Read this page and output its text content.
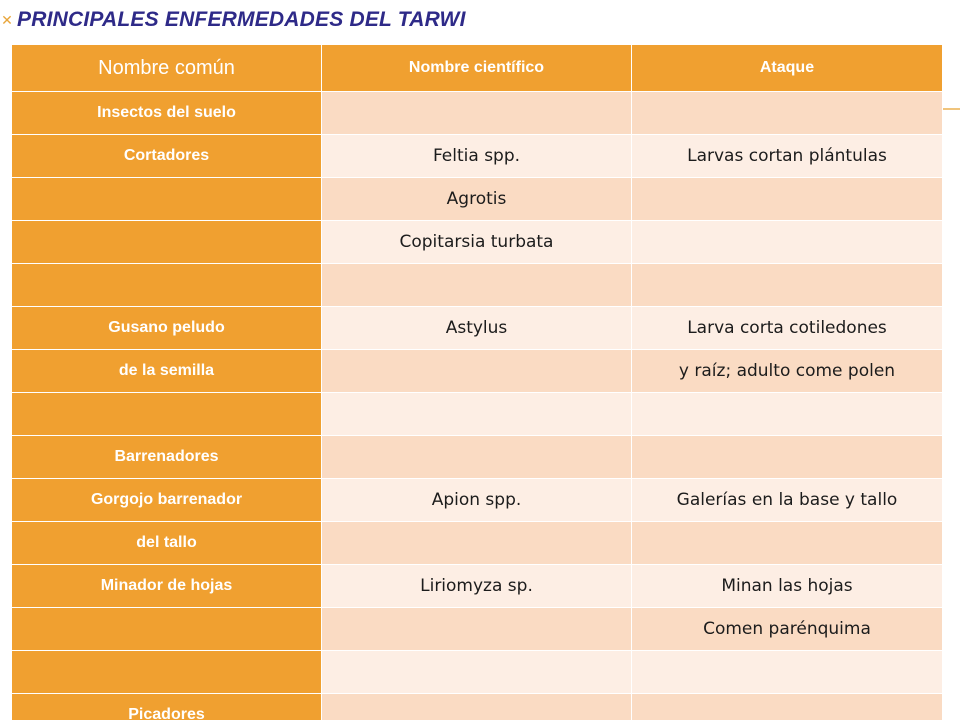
✕ PRINCIPALES ENFERMEDADES DEL TARWI
Nombre común	Nombre científico	Ataque
Insectos del suelo		
Cortadores	Feltia spp.	Larvas cortan plántulas
	Agrotis	
	Copitarsia turbata	

Gusano peludo	Astylus	Larva corta cotiledones
de la semilla		y raíz; adulto come polen

Barrenadores		
Gorgojo barrenador	Apion spp.	Galerías en la base y tallo
del tallo		
Minador de hojas	Liriomyza sp.	Minan las hojas
		Comen parénquima

Picadores		
